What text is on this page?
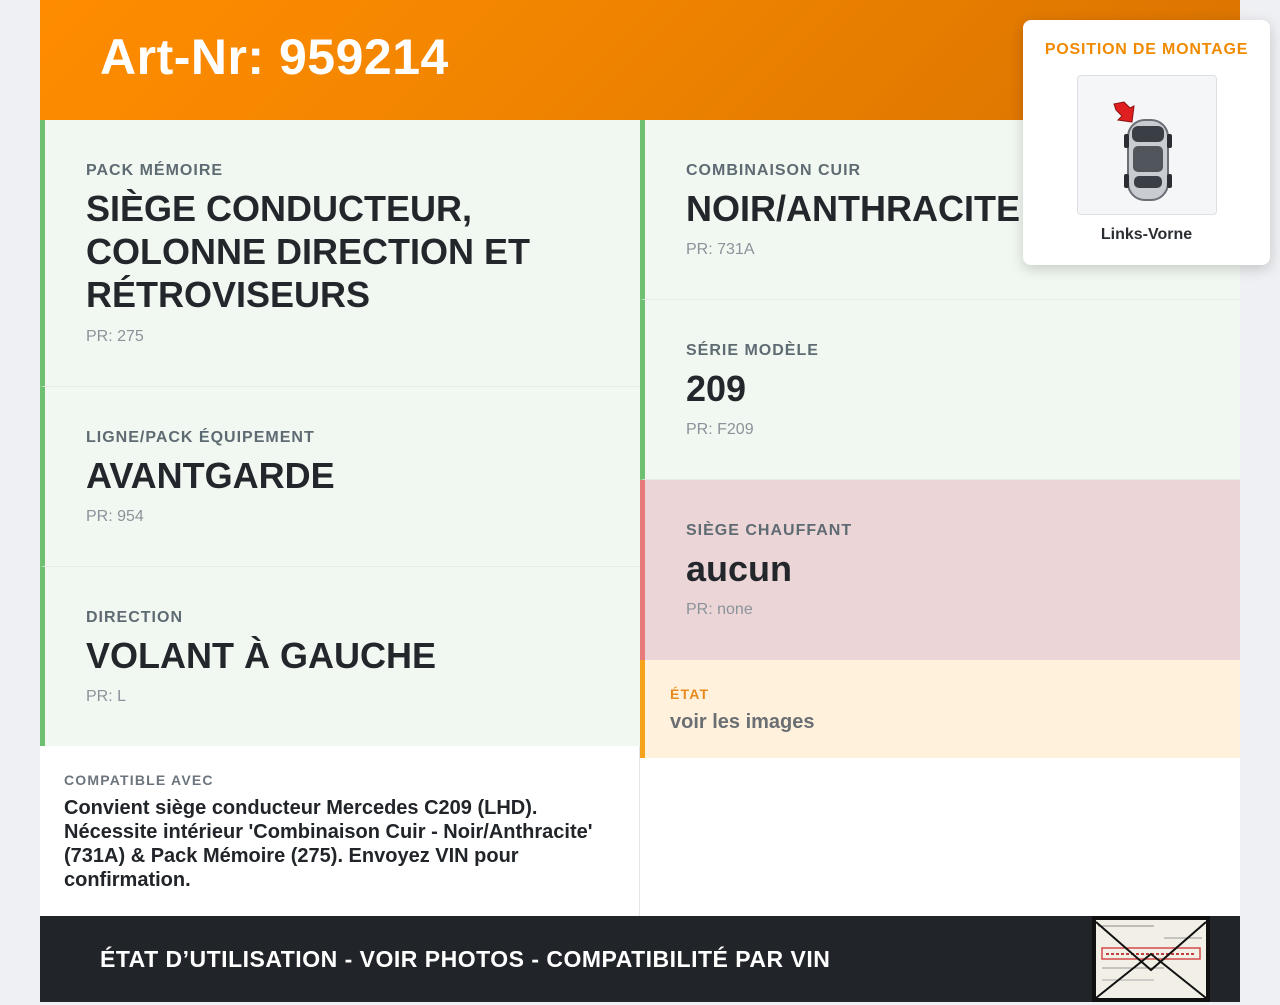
Art-Nr: 959214
PACK MÉMOIRE
SIÈGE CONDUCTEUR,
COLONNE DIRECTION ET
RÉTROVISEURS
PR: 275
LIGNE/PACK ÉQUIPEMENT
AVANTGARDE
PR: 954
DIRECTION
VOLANT À GAUCHE
PR: L
COMPATIBLE AVEC
Convient siège conducteur Mercedes C209 (LHD). Nécessite intérieur 'Combinaison Cuir - Noir/Anthracite' (731A) & Pack Mémoire (275). Envoyez VIN pour confirmation.
COMBINAISON CUIR
NOIR/ANTHRACITE
PR: 731A
SÉRIE MODÈLE
209
PR: F209
SIÈGE CHAUFFANT
aucun
PR: none
ÉTAT
voir les images
ÉTAT D’UTILISATION - VOIR PHOTOS - COMPATIBILITÉ PAR VIN
POSITION DE MONTAGE
Links-Vorne
